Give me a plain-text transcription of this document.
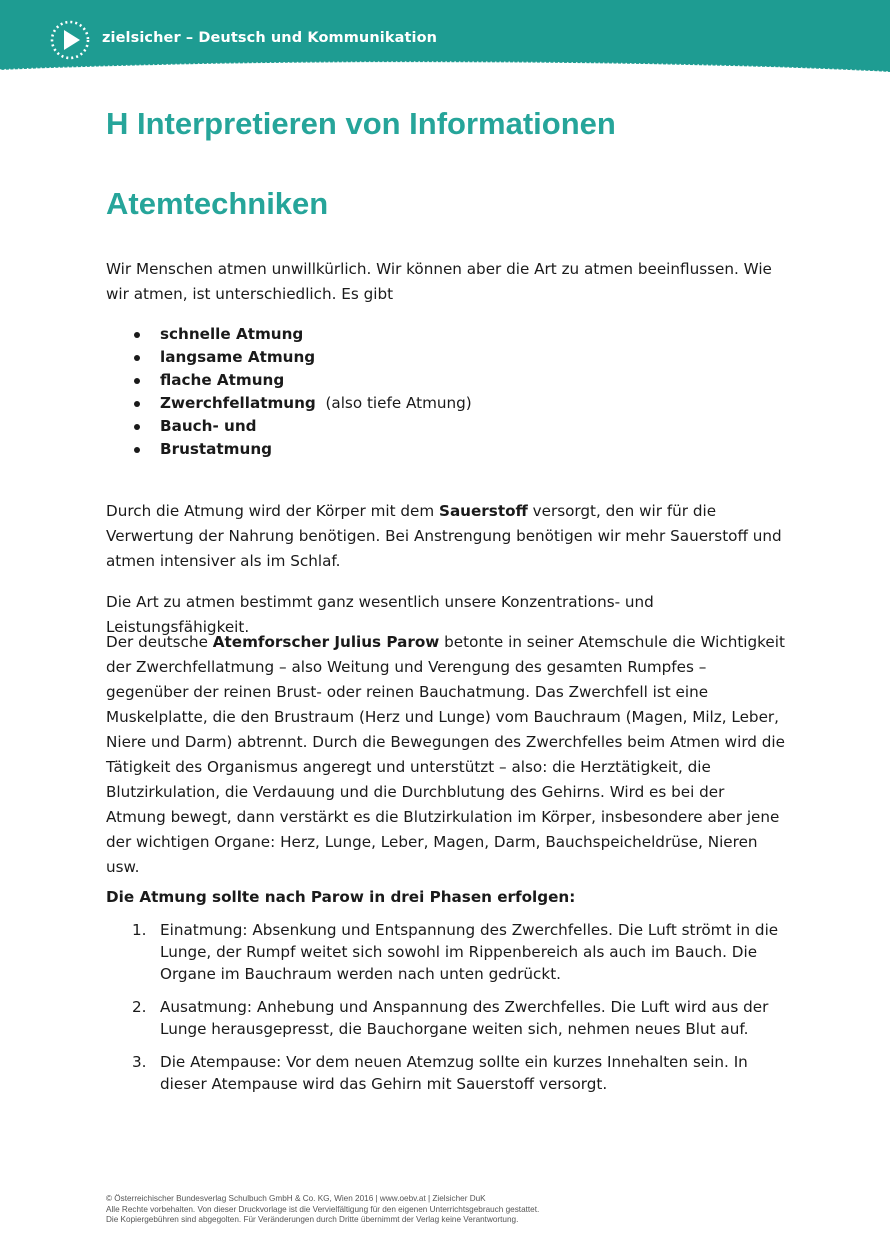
zielsicher – Deutsch und Kommunikation
H Interpretieren von Informationen
Atemtechniken

Wir Menschen atmen unwillkürlich. Wir können aber die Art zu atmen beeinflussen. Wie wir atmen, ist unterschiedlich. Es gibt

schnelle Atmung
langsame Atmung
flache Atmung
Zwerchfellatmung  (also tiefe Atmung)
Bauch- und
Brustatmung

Durch die Atmung wird der Körper mit dem Sauerstoff versorgt, den wir für die Verwertung der Nahrung benötigen. Bei Anstrengung benötigen wir mehr Sauerstoff und atmen intensiver als im Schlaf.

Die Art zu atmen bestimmt ganz wesentlich unsere Konzentrations- und Leistungsfähigkeit.

Der deutsche Atemforscher Julius Parow betonte in seiner Atemschule die Wichtigkeit der Zwerchfellatmung – also Weitung und Verengung des gesamten Rumpfes – gegenüber der reinen Brust- oder reinen Bauchatmung. Das Zwerchfell ist eine Muskelplatte, die den Brustraum (Herz und Lunge) vom Bauchraum (Magen, Milz, Leber, Niere und Darm) abtrennt. Durch die Bewegungen des Zwerchfelles beim Atmen wird die Tätigkeit des Organismus angeregt und unterstützt – also: die Herztätigkeit, die Blutzirkulation, die Verdauung und die Durchblutung des Gehirns. Wird es bei der Atmung bewegt, dann verstärkt es die Blutzirkulation im Körper, insbesondere aber jene der wichtigen Organe: Herz, Lunge, Leber, Magen, Darm, Bauchspeicheldrüse, Nieren usw.

Die Atmung sollte nach Parow in drei Phasen erfolgen:

1. Einatmung: Absenkung und Entspannung des Zwerchfelles. Die Luft strömt in die Lunge, der Rumpf weitet sich sowohl im Rippenbereich als auch im Bauch. Die Organe im Bauchraum werden nach unten gedrückt.
2. Ausatmung: Anhebung und Anspannung des Zwerchfelles. Die Luft wird aus der Lunge herausgepresst, die Bauchorgane weiten sich, nehmen neues Blut auf.
3. Die Atempause: Vor dem neuen Atemzug sollte ein kurzes Innehalten sein. In dieser Atempause wird das Gehirn mit Sauerstoff versorgt.
© Österreichischer Bundesverlag Schulbuch GmbH & Co. KG, Wien 2016 | www.oebv.at | Zielsicher DuK
Alle Rechte vorbehalten. Von dieser Druckvorlage ist die Vervielfältigung für den eigenen Unterrichtsgebrauch gestattet.
Die Kopiergebühren sind abgegolten. Für Veränderungen durch Dritte übernimmt der Verlag keine Verantwortung.
